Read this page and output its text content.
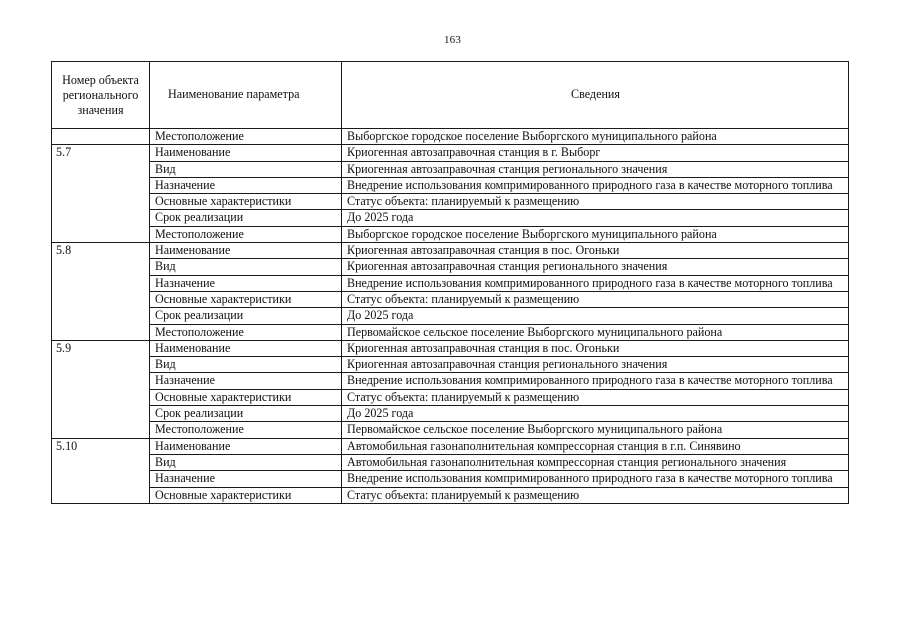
163
Номер объекта регионального значения	Наименование параметра	Сведения
	Местоположение	Выборгское городское поселение Выборгского муниципального района
5.7	Наименование	Криогенная автозаправочная станция в г. Выборг
	Вид	Криогенная автозаправочная станция регионального значения
	Назначение	Внедрение использования компримированного природного газа в качестве моторного топлива
	Основные характеристики	Статус объекта: планируемый к размещению
	Срок реализации	До 2025 года
	Местоположение	Выборгское городское поселение Выборгского муниципального района
5.8	Наименование	Криогенная автозаправочная станция в пос. Огоньки
	Вид	Криогенная автозаправочная станция регионального значения
	Назначение	Внедрение использования компримированного природного газа в качестве моторного топлива
	Основные характеристики	Статус объекта: планируемый к размещению
	Срок реализации	До 2025 года
	Местоположение	Первомайское сельское поселение Выборгского муниципального района
5.9	Наименование	Криогенная автозаправочная станция в пос. Огоньки
	Вид	Криогенная автозаправочная станция регионального значения
	Назначение	Внедрение использования компримированного природного газа в качестве моторного топлива
	Основные характеристики	Статус объекта: планируемый к размещению
	Срок реализации	До 2025 года
	Местоположение	Первомайское сельское поселение Выборгского муниципального района
5.10	Наименование	Автомобильная газонаполнительная компрессорная станция в г.п. Синявино
	Вид	Автомобильная газонаполнительная компрессорная станция регионального значения
	Назначение	Внедрение использования компримированного природного газа в качестве моторного топлива
	Основные характеристики	Статус объекта: планируемый к размещению
